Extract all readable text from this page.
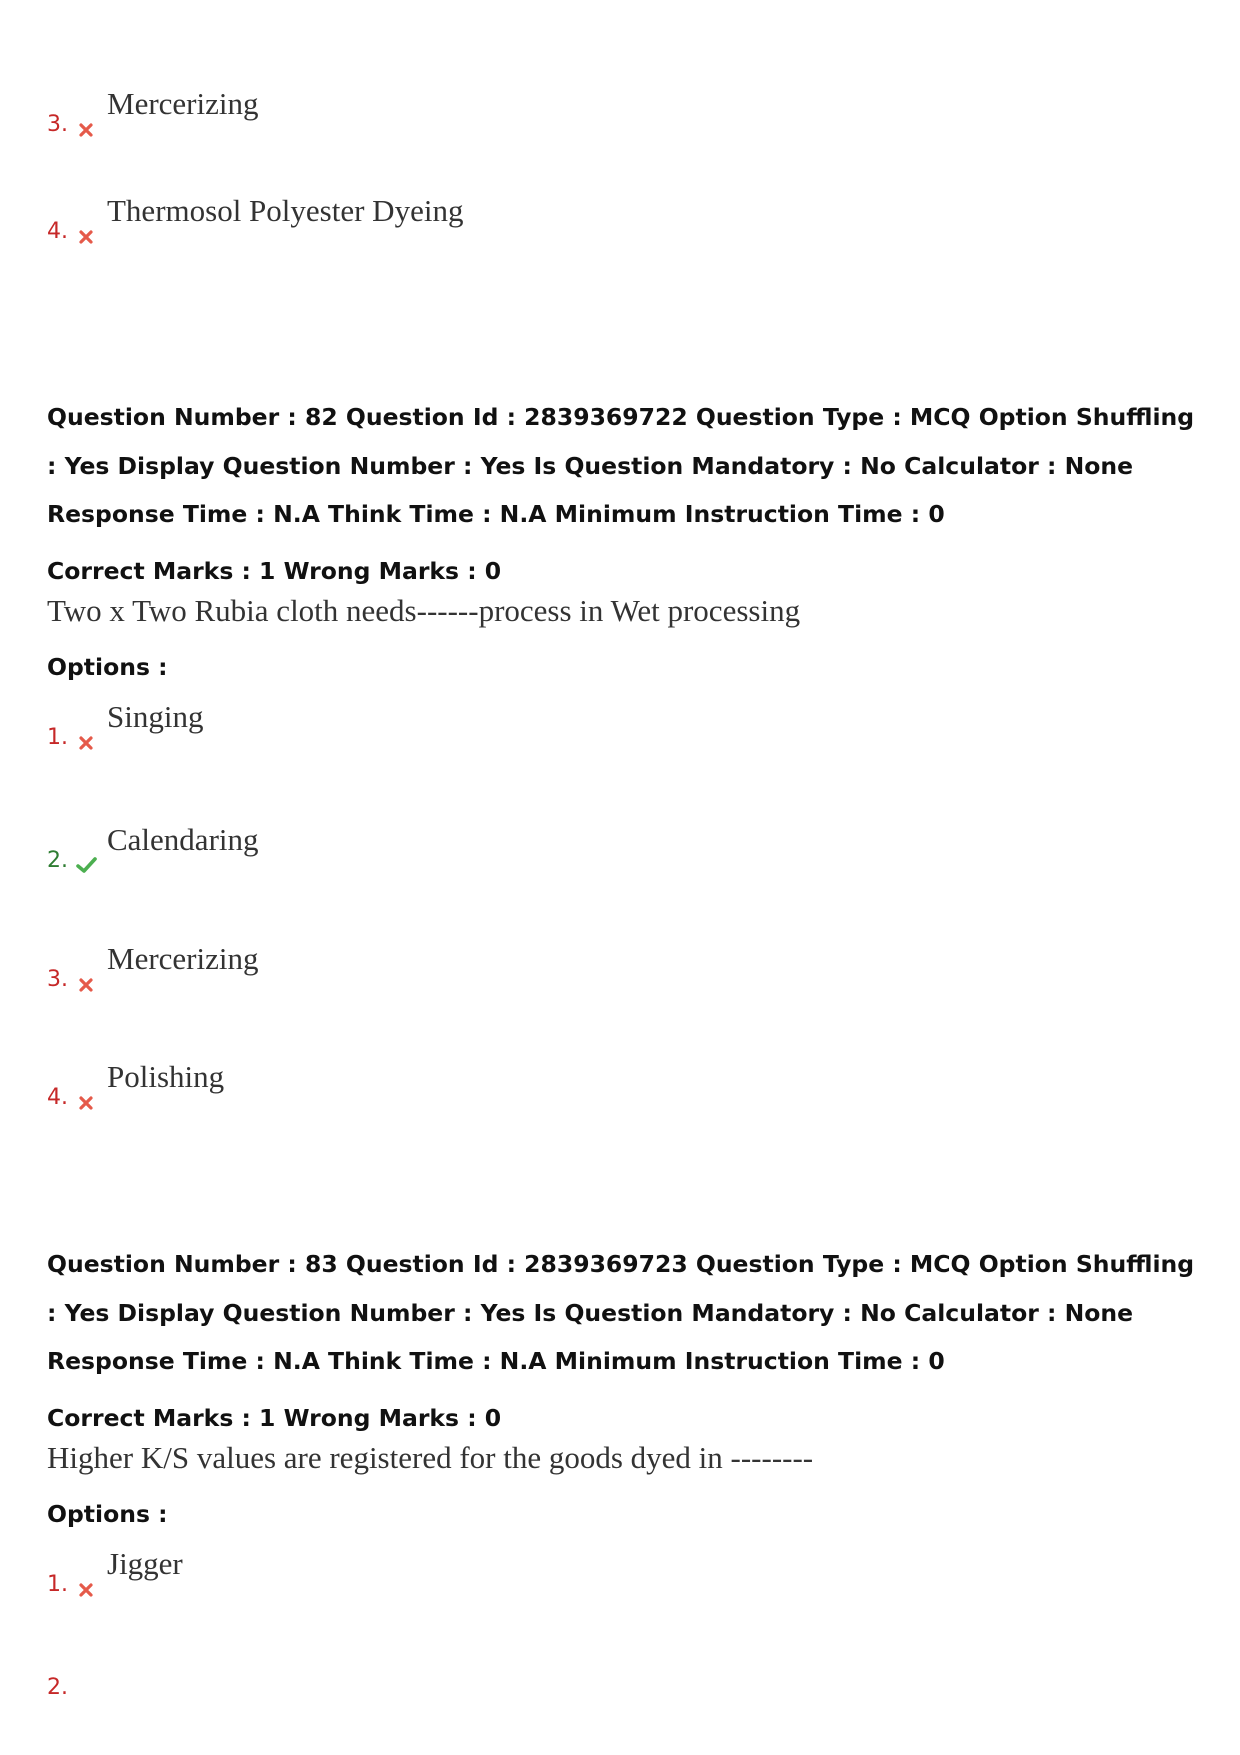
3.
Mercerizing
4.
Thermosol Polyester Dyeing
Question Number : 82 Question Id : 2839369722 Question Type : MCQ Option Shuffling : Yes Display Question Number : Yes Is Question Mandatory : No Calculator : None Response Time : N.A Think Time : N.A Minimum Instruction Time : 0
Correct Marks : 1 Wrong Marks : 0
Two x Two Rubia cloth needs------process in Wet processing
Options :
1.
Singing
2.
Calendaring
3.
Mercerizing
4.
Polishing
Question Number : 83 Question Id : 2839369723 Question Type : MCQ Option Shuffling : Yes Display Question Number : Yes Is Question Mandatory : No Calculator : None Response Time : N.A Think Time : N.A Minimum Instruction Time : 0
Correct Marks : 1 Wrong Marks : 0
Higher K/S values are registered for the goods dyed in --------
Options :
1.
Jigger
2.
